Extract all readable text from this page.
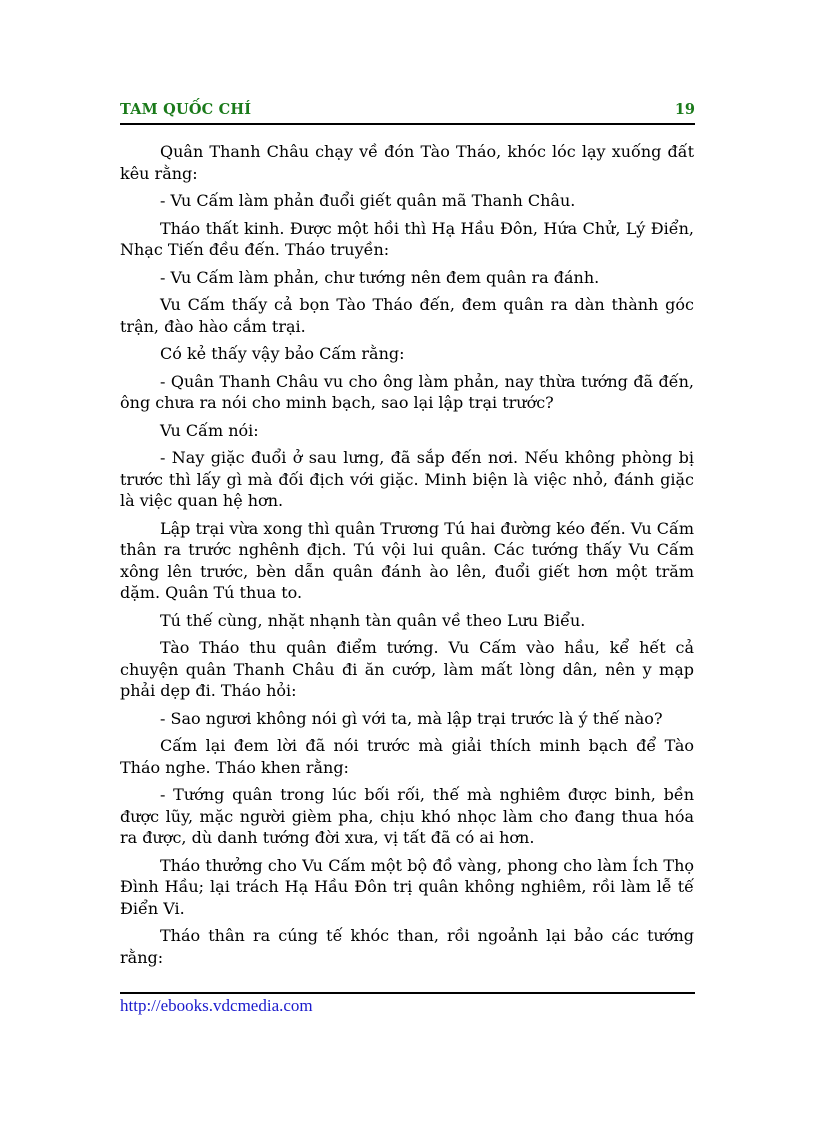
TAM QUỐC CHÍ	19

Quân Thanh Châu chạy về đón Tào Tháo, khóc lóc lạy xuống đất kêu rằng:

- Vu Cấm làm phản đuổi giết quân mã Thanh Châu.

Tháo thất kinh. Được một hồi thì Hạ Hầu Đôn, Hứa Chử, Lý Điển, Nhạc Tiến đều đến. Tháo truyền:

- Vu Cấm làm phản, chư tướng nên đem quân ra đánh.

Vu Cấm thấy cả bọn Tào Tháo đến, đem quân ra dàn thành góc trận, đào hào cắm trại.

Có kẻ thấy vậy bảo Cấm rằng:

- Quân Thanh Châu vu cho ông làm phản, nay thừa tướng đã đến, ông chưa ra nói cho minh bạch, sao lại lập trại trước?

Vu Cấm nói:

- Nay giặc đuổi ở sau lưng, đã sắp đến nơi. Nếu không phòng bị trước thì lấy gì mà đối địch với giặc. Minh biện là việc nhỏ, đánh giặc là việc quan hệ hơn.

Lập trại vừa xong thì quân Trương Tú hai đường kéo đến. Vu Cấm thân ra trước nghênh địch. Tú vội lui quân. Các tướng thấy Vu Cấm xông lên trước, bèn dẫn quân đánh ào lên, đuổi giết hơn một trăm dặm. Quân Tú thua to.

Tú thế cùng, nhặt nhạnh tàn quân về theo Lưu Biểu.

Tào Tháo thu quân điểm tướng. Vu Cấm vào hầu, kể hết cả chuyện quân Thanh Châu đi ăn cướp, làm mất lòng dân, nên y mạp phải dẹp đi. Tháo hỏi:

- Sao ngươi không nói gì với ta, mà lập trại trước là ý thế nào?

Cấm lại đem lời đã nói trước mà giải thích minh bạch để Tào Tháo nghe. Tháo khen rằng:

- Tướng quân trong lúc bối rối, thế mà nghiêm được binh, bền được lũy, mặc người gièm pha, chịu khó nhọc làm cho đang thua hóa ra được, dù danh tướng đời xưa, vị tất đã có ai hơn.

Tháo thưởng cho Vu Cấm một bộ đồ vàng, phong cho làm Ích Thọ Đình Hầu; lại trách Hạ Hầu Đôn trị quân không nghiêm, rồi làm lễ tế Điển Vi.

Tháo thân ra cúng tế khóc than, rồi ngoảnh lại bảo các tướng rằng:

http://ebooks.vdcmedia.com
